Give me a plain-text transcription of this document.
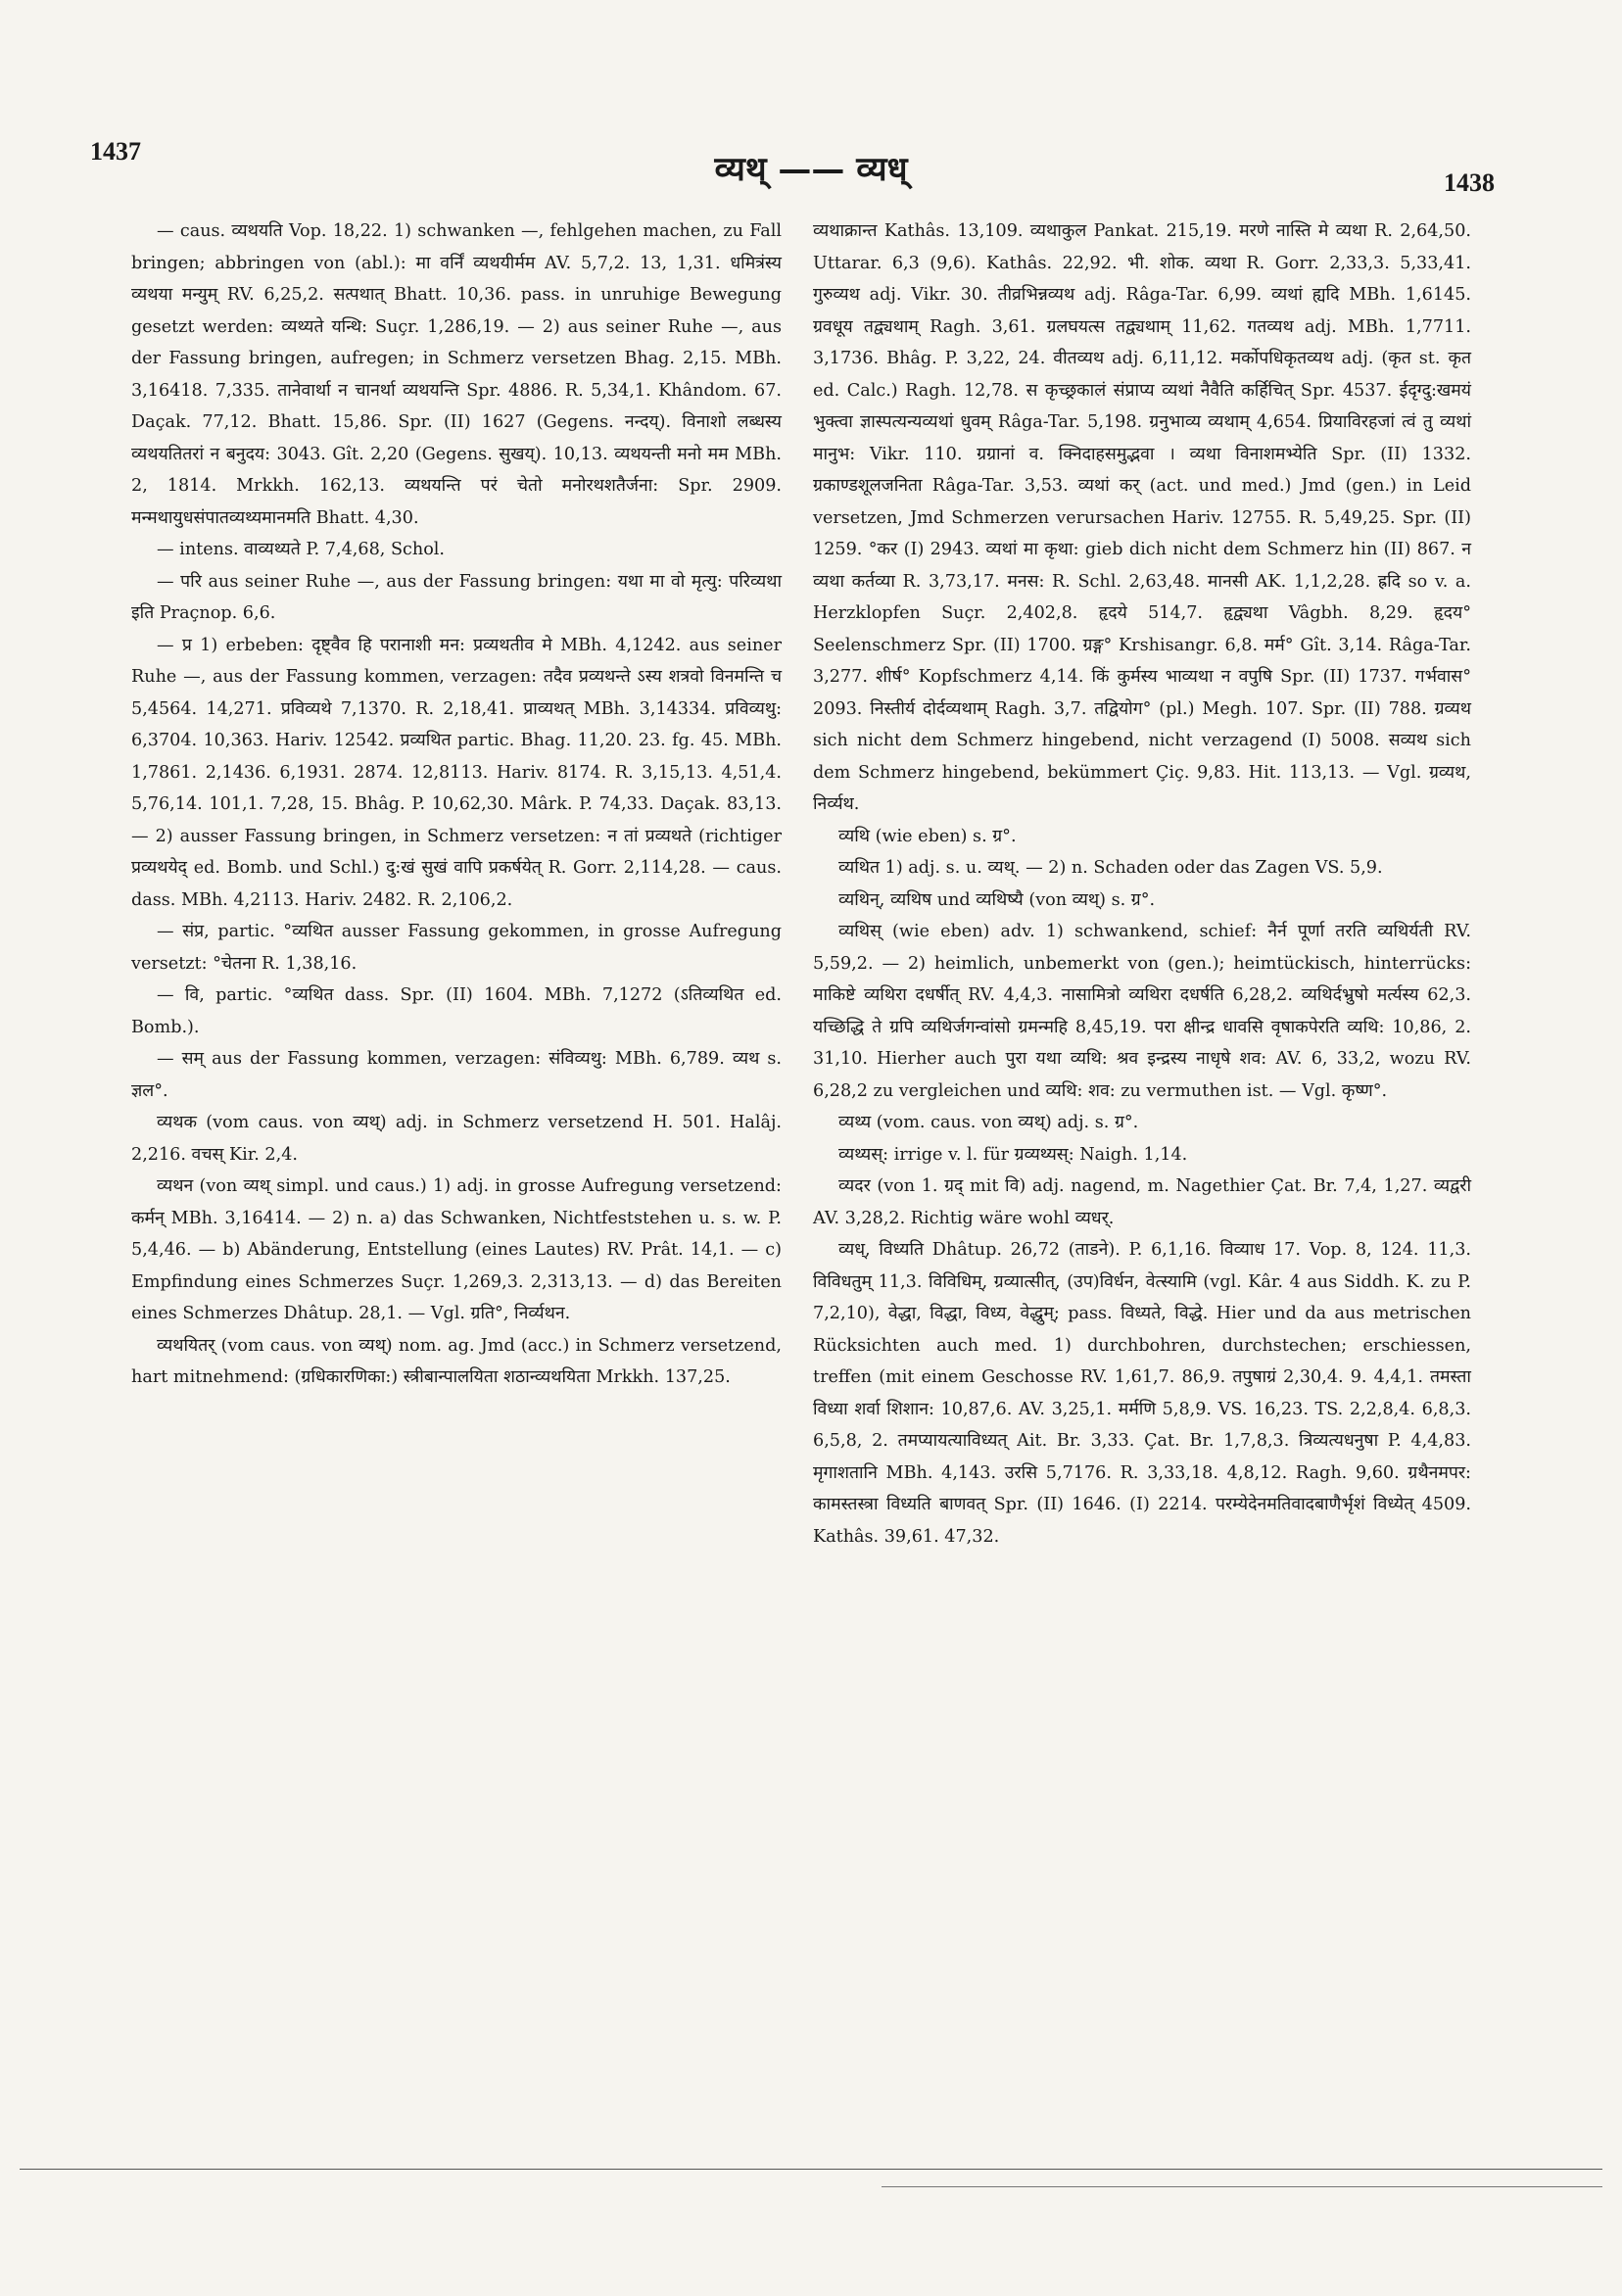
1437	व्यथ् —— व्यध्	1438

— caus. व्यथयति Vop. 18,22. 1) schwanken —, fehlgehen machen, zu Fall bringen; abbringen von (abl.): मा वर्निं व्यथयीर्मम AV. 5,7,2. 13, 1,31. धमित्रंस्य व्यथया मन्युम् RV. 6,25,2. सत्पथात् Bhatt. 10,36. pass. in unruhige Bewegung gesetzt werden: व्यथ्यते यन्थि: Suçr. 1,286,19. — 2) aus seiner Ruhe —, aus der Fassung bringen, aufregen; in Schmerz versetzen Bhag. 2,15. MBh. 3,16418. 7,335. तानेवार्था न चानर्था व्यथयन्ति Spr. 4886. R. 5,34,1. Khândom. 67. Daçak. 77,12. Bhatt. 15,86. Spr. (II) 1627 (Gegens. नन्दय्). विनाशो लब्धस्य व्यथयतितरां न बनुदय: 3043. Gît. 2,20 (Gegens. सुखय्). 10,13. व्यथयन्ती मनो मम MBh. 2, 1814. Mrkkh. 162,13. व्यथयन्ति परं चेतो मनोरथशतैर्जना: Spr. 2909. मन्मथायुधसंपातव्यथ्यमानमति Bhatt. 4,30.

— intens. वाव्यथ्यते P. 7,4,68, Schol.

— परि aus seiner Ruhe —, aus der Fassung bringen: यथा मा वो मृत्यु: परिव्यथा इति Praçnop. 6,6.

— प्र 1) erbeben: दृष्ट्वैव हि परानाशी मन: प्रव्यथतीव मे MBh. 4,1242. aus seiner Ruhe —, aus der Fassung kommen, verzagen: तदैव प्रव्यथन्ते ऽस्य शत्रवो विनमन्ति च 5,4564. 14,271. प्रविव्यथे 7,1370. R. 2,18,41. प्राव्यथत् MBh. 3,14334. प्रविव्यथु: 6,3704. 10,363. Hariv. 12542. प्रव्यथित partic. Bhag. 11,20. 23. fg. 45. MBh. 1,7861. 2,1436. 6,1931. 2874. 12,8113. Hariv. 8174. R. 3,15,13. 4,51,4. 5,76,14. 101,1. 7,28, 15. Bhâg. P. 10,62,30. Mârk. P. 74,33. Daçak. 83,13. — 2) ausser Fassung bringen, in Schmerz versetzen: न तां प्रव्यथते (richtiger प्रव्यथयेद् ed. Bomb. und Schl.) दु:खं सुखं वापि प्रकर्षयेत् R. Gorr. 2,114,28. — caus. dass. MBh. 4,2113. Hariv. 2482. R. 2,106,2.

— संप्र, partic. °व्यथित ausser Fassung gekommen, in grosse Aufregung versetzt: °चेतना R. 1,38,16.

— वि, partic. °व्यथित dass. Spr. (II) 1604. MBh. 7,1272 (ऽतिव्यथित ed. Bomb.).

— सम् aus der Fassung kommen, verzagen: संविव्यथु: MBh. 6,789. व्यथ s. ज्ञल°.

व्यथक (vom caus. von व्यथ्) adj. in Schmerz versetzend H. 501. Halâj. 2,216. वचस् Kir. 2,4.

व्यथन (von व्यथ् simpl. und caus.) 1) adj. in grosse Aufregung versetzend: कर्मन् MBh. 3,16414. — 2) n. a) das Schwanken, Nichtfeststehen u. s. w. P. 5,4,46. — b) Abänderung, Entstellung (eines Lautes) RV. Prât. 14,1. — c) Empfindung eines Schmerzes Suçr. 1,269,3. 2,313,13. — d) das Bereiten eines Schmerzes Dhâtup. 28,1. — Vgl. ग्रति°, निर्व्यथन.

व्यथयितर् (vom caus. von व्यथ्) nom. ag. Jmd (acc.) in Schmerz versetzend, hart mitnehmend: (ग्रधिकारणिका:) स्त्रीबान्पालयिता शठान्व्यथयिता Mrkkh. 137,25.

व्यथाक्रान्त Kathâs. 13,109. व्यथाकुल Pankat. 215,19. मरणे नास्ति मे व्यथा R. 2,64,50. Uttarar. 6,3 (9,6). Kathâs. 22,92. भी. शोक. व्यथा R. Gorr. 2,33,3. 5,33,41. गुरुव्यथ adj. Vikr. 30. तीव्रभिन्नव्यथ adj. Râga-Tar. 6,99. व्यथां ह्यदि MBh. 1,6145. ग्रवधूय तद्व्यथाम् Ragh. 3,61. ग्रलघयत्स तद्व्यथाम् 11,62. गतव्यथ adj. MBh. 1,7711. 3,1736. Bhâg. P. 3,22, 24. वीतव्यथ adj. 6,11,12. मर्कोपधिकृतव्यथ adj. (कृत st. कृत ed. Calc.) Ragh. 12,78. स कृच्छ्रकालं संप्राप्य व्यथां नैवैति कर्हिचित् Spr. 4537. ईदृग्दु:खमयं भुक्त्वा ज्ञास्पत्यन्यव्यथां धुवम् Râga-Tar. 5,198. ग्रनुभाव्य व्यथाम् 4,654. प्रियाविरहजां त्वं तु व्यथां मानुभ: Vikr. 110. ग्रग्रानां व. क्निदाहसमुद्भवा । व्यथा विनाशमभ्येति Spr. (II) 1332. ग्रकाण्डशूलजनिता Râga-Tar. 3,53. व्यथां कर् (act. und med.) Jmd (gen.) in Leid versetzen, Jmd Schmerzen verursachen Hariv. 12755. R. 5,49,25. Spr. (II) 1259. °कर (I) 2943. व्यथां मा कृथा: gieb dich nicht dem Schmerz hin (II) 867. न व्यथा कर्तव्या R. 3,73,17. मनस: R. Schl. 2,63,48. मानसी AK. 1,1,2,28. ह्रदि so v. a. Herzklopfen Suçr. 2,402,8. हृदये 514,7. हृद्व्यथा Vâgbh. 8,29. हृदय° Seelenschmerz Spr. (II) 1700. ग्रङ्ग° Krshisangr. 6,8. मर्म° Gît. 3,14. Râga-Tar. 3,277. शीर्ष° Kopfschmerz 4,14. किं कुर्मस्य भाव्यथा न वपुषि Spr. (II) 1737. गर्भवास° 2093. निस्तीर्य दोर्दव्यथाम् Ragh. 3,7. तद्वियोग° (pl.) Megh. 107. Spr. (II) 788. ग्रव्यथ sich nicht dem Schmerz hingebend, nicht verzagend (I) 5008. सव्यथ sich dem Schmerz hingebend, bekümmert Çiç. 9,83. Hit. 113,13. — Vgl. ग्रव्यथ, निर्व्यथ.

व्यथि (wie eben) s. ग्र°.

व्यथित 1) adj. s. u. व्यथ्. — 2) n. Schaden oder das Zagen VS. 5,9.

व्यथिन्, व्यथिष und व्यथिष्यै (von व्यथ्) s. ग्र°.

व्यथिस् (wie eben) adv. 1) schwankend, schief: नैर्न पूर्णा तरति व्यथिर्यती RV. 5,59,2. — 2) heimlich, unbemerkt von (gen.); heimtückisch, hinterrücks: माकिष्टे व्यथिरा दधर्षीत् RV. 4,4,3. नासामित्रो व्यथिरा दधर्षति 6,28,2. व्यथिर्दभ्रुषो मर्त्यस्य 62,3. यच्छिद्धि ते ग्रपि व्यथिर्जगन्वांसो ग्रमन्महि 8,45,19. परा क्षीन्द्र धावसि वृषाकपेरति व्यथि: 10,86, 2. 31,10. Hierher auch पुरा यथा व्यथि: श्रव इन्द्रस्य नाधृषे शव: AV. 6, 33,2, wozu RV. 6,28,2 zu vergleichen und व्यथि: शव: zu vermuthen ist. — Vgl. कृष्ण°.

व्यथ्य (vom. caus. von व्यथ्) adj. s. ग्र°.

व्यथ्यस्: irrige v. l. für ग्रव्यथ्यस्: Naigh. 1,14.

व्यदर (von 1. ग्रद् mit वि) adj. nagend, m. Nagethier Çat. Br. 7,4, 1,27. व्यद्वरी AV. 3,28,2. Richtig wäre wohl व्यधर्.

व्यध्, विध्यति Dhâtup. 26,72 (ताडने). P. 6,1,16. विव्याध 17. Vop. 8, 124. 11,3. विविधतुम् 11,3. विविधिम्, ग्रव्यात्सीत्, (उप)विर्धन, वेत्स्यामि (vgl. Kâr. 4 aus Siddh. K. zu P. 7,2,10), वेद्धा, विद्धा, विध्य, वेद्धुम्; pass. विध्यते, विद्धे. Hier und da aus metrischen Rücksichten auch med. 1) durchbohren, durchstechen; erschiessen, treffen (mit einem Geschosse RV. 1,61,7. 86,9. तपुषाग्रं 2,30,4. 9. 4,4,1. तमस्ता विध्या शर्वा शिशान: 10,87,6. AV. 3,25,1. मर्मणि 5,8,9. VS. 16,23. TS. 2,2,8,4. 6,8,3. 6,5,8, 2. तमप्यायत्याविध्यत् Ait. Br. 3,33. Çat. Br. 1,7,8,3. त्रिव्यत्यधनुषा P. 4,4,83. मृगाशतानि MBh. 4,143. उरसि 5,7176. R. 3,33,18. 4,8,12. Ragh. 9,60. ग्रथैनमपर: कामस्तस्त्रा विध्यति बाणवत् Spr. (II) 1646. (I) 2214. परम्येदेनमतिवादबाणैर्भृशं विध्येत् 4509. Kathâs. 39,61. 47,32.
